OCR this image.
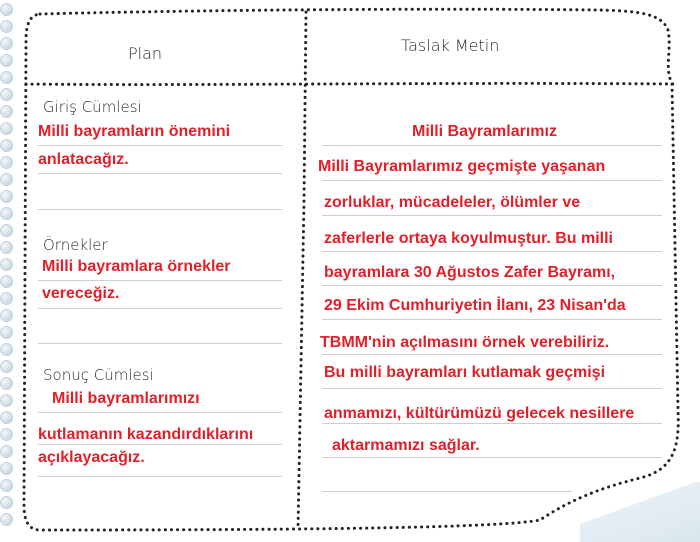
Plan	Taslak Metin
Giriş Cümlesi
Milli bayramların önemini
anlatacağız.
Örnekler
Milli bayramlara örnekler
vereceğiz.
Sonuç Cümlesi
Milli bayramlarımızı
kutlamanın kazandırdıklarını
açıklayacağız.
Milli Bayramlarımız
Milli Bayramlarımız geçmişte yaşanan
zorluklar, mücadeleler, ölümler ve
zaferlerle ortaya koyulmuştur. Bu milli
bayramlara 30 Ağustos Zafer Bayramı,
29 Ekim Cumhuriyetin İlanı, 23 Nisan'da
TBMM'nin açılmasını örnek verebiliriz.
Bu milli bayramları kutlamak geçmişi
anmamızı, kültürümüzü gelecek nesillere
aktarmamızı sağlar.
